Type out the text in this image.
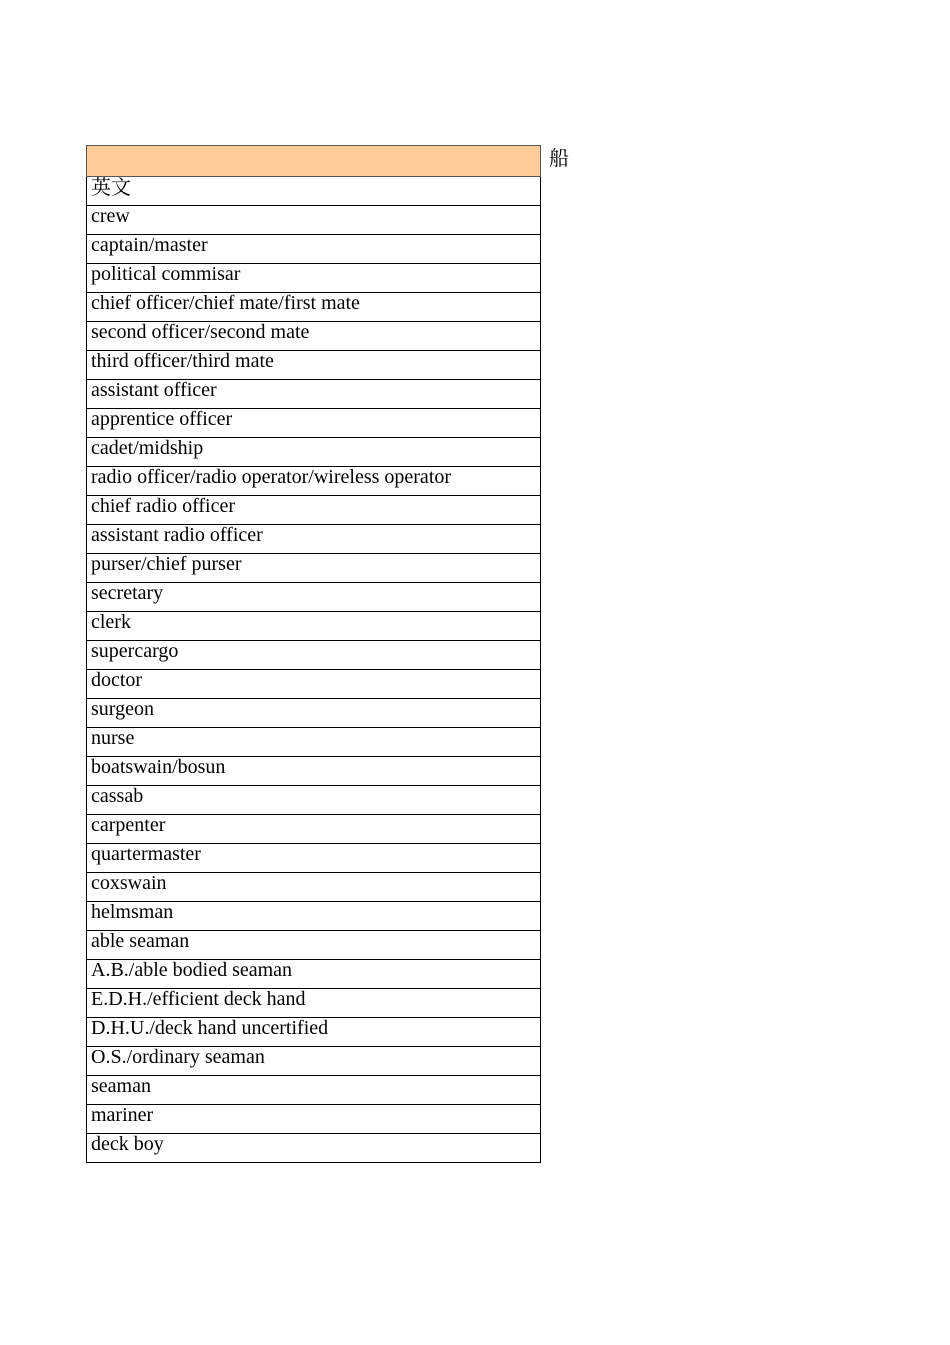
英文
crew
captain/master
political commisar
chief officer/chief mate/first mate
second officer/second mate
third officer/third mate
assistant officer
apprentice officer
cadet/midship
radio officer/radio operator/wireless operator
chief radio officer
assistant radio officer
purser/chief purser
secretary
clerk
supercargo
doctor
surgeon
nurse
boatswain/bosun
cassab
carpenter
quartermaster
coxswain
helmsman
able seaman
A.B./able bodied seaman
E.D.H./efficient deck hand
D.H.U./deck hand uncertified
O.S./ordinary seaman
seaman
mariner
deck boy
船
